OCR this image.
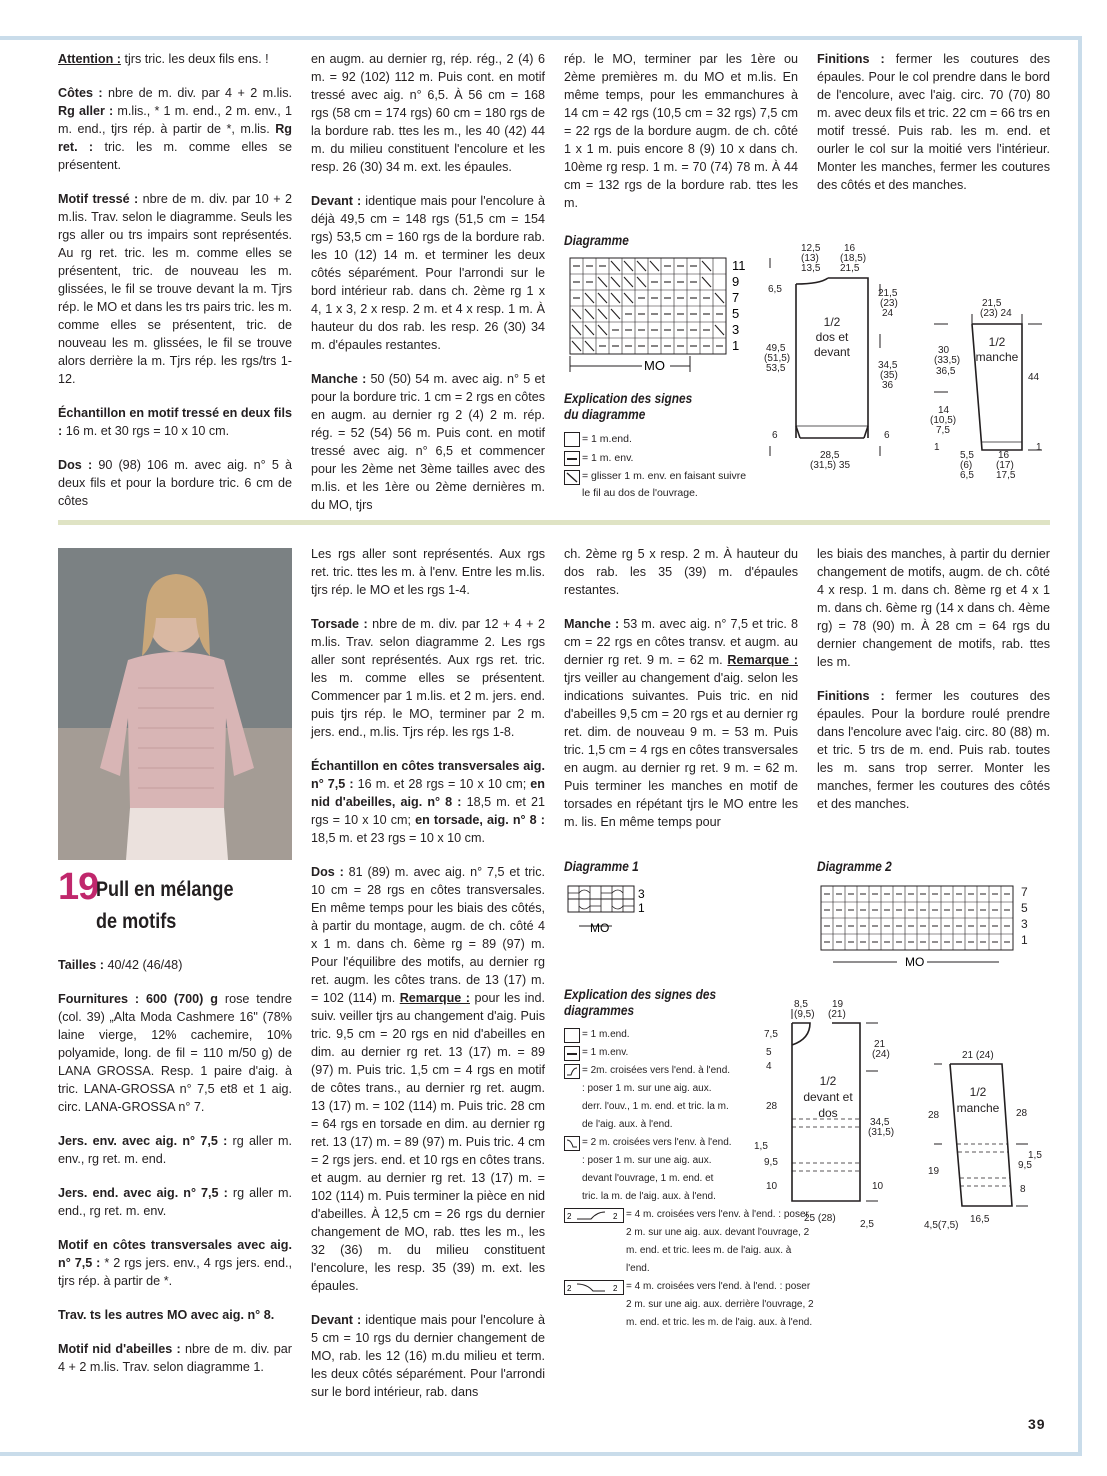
Attention : tjrs tric. les deux fils ens. !

Côtes : nbre de m. div. par 4 + 2 m.lis. Rg aller : m.lis., * 1 m. end., 2 m. env., 1 m. end., tjrs rép. à partir de *, m.lis. Rg ret. : tric. les m. comme elles se présentent.

Motif tressé : nbre de m. div. par 10 + 2 m.lis. Trav. selon le diagramme. Seuls les rgs aller ou trs impairs sont représentés. Au rg ret. tric. les m. comme elles se présentent, tric. de nouveau les m. glissées, le fil se trouve devant la m. Tjrs rép. le MO et dans les trs pairs tric. les m. comme elles se présentent, tric. de nouveau les m. glissées, le fil se trouve alors derrière la m. Tjrs rép. les rgs/trs 1-12.

Échantillon en motif tressé en deux fils : 16 m. et 30 rgs = 10 x 10 cm.

Dos : 90 (98) 106 m. avec aig. n° 5 à deux fils et pour la bordure tric. 6 cm de côtes

en augm. au dernier rg, rép. rég., 2 (4) 6 m. = 92 (102) 112 m. Puis cont. en motif tressé avec aig. n° 6,5. À 56 cm = 168 rgs (58 cm = 174 rgs) 60 cm = 180 rgs de la bordure rab. ttes les m., les 40 (42) 44 m. du milieu constituent l'encolure et les resp. 26 (30) 34 m. ext. les épaules.

Devant : identique mais pour l'encolure à déjà 49,5 cm = 148 rgs (51,5 cm = 154 rgs) 53,5 cm = 160 rgs de la bordure rab. les 10 (12) 14 m. et terminer les deux côtés séparément. Pour l'arrondi sur le bord intérieur rab. dans ch. 2ème rg 1 x 4, 1 x 3, 2 x resp. 2 m. et 4 x resp. 1 m. À hauteur du dos rab. les resp. 26 (30) 34 m. d'épaules restantes.

Manche : 50 (50) 54 m. avec aig. n° 5 et pour la bordure tric. 1 cm = 2 rgs en côtes en augm. au dernier rg 2 (4) 2 m. rép. rég. = 52 (54) 56 m. Puis cont. en motif tressé avec aig. n° 6,5 et commencer pour les 2ème net 3ème tailles avec des m.lis. et les 1ère ou 2ème dernières m. du MO, tjrs

rép. le MO, terminer par les 1ère ou 2ème premières m. du MO et m.lis. En même temps, pour les emmanchures à 14 cm = 42 rgs (10,5 cm = 32 rgs) 7,5 cm = 22 rgs de la bordure augm. de ch. côté 1 x 1 m. puis encore 8 (9) 10 x dans ch. 10ème rg resp. 1 m. = 70 (74) 78 m. À 44 cm = 132 rgs de la bordure rab. ttes les m.

Finitions : fermer les coutures des épaules. Pour le col prendre dans le bord de l'encolure, avec l'aig. circ. 70 (70) 80 m. avec deux fils et tric. 22 cm = 66 trs en motif tressé. Puis rab. les m. end. et ourler le col sur la moitié vers l'intérieur. Monter les manches, fermer les coutures des côtés et des manches.

Diagramme
11
9
7
5
3
1
MO
Explication des signes
du diagramme
= 1 m.end.
= 1 m. env.
= glisser 1 m. env. en faisant suivre le fil au dos de l'ouvrage.
12,5
(13)
13,5
16
(18,5)
21,5
6,5
49,5
(51,5)
53,5
21,5
(23)
24
34,5
(35)
36
6	6
28,5
(31,5) 35
1/2
dos et
devant
21,5
(23) 24
30
(33,5)
36,5
44
14
(10,5)
7,5
1	1
5,5
(6)
6,5
16
(17)
17,5
1/2
manche
19
Pull en mélange
de motifs

Tailles : 40/42 (46/48)

Fournitures : 600 (700) g rose tendre (col. 39) „Alta Moda Cashmere 16" (78% laine vierge, 12% cachemire, 10% polyamide, long. de fil = 110 m/50 g) de LANA GROSSA. Resp. 1 paire d'aig. à tric. LANA-GROSSA n° 7,5 et8 et 1 aig. circ. LANA-GROSSA n° 7.

Jers. env. avec aig. n° 7,5 : rg aller m. env., rg ret. m. end.

Jers. end. avec aig. n° 7,5 : rg aller m. end., rg ret. m. env.

Motif en côtes transversales avec aig. n° 7,5 : * 2 rgs jers. env., 4 rgs jers. end., tjrs rép. à partir de *.

Trav. ts les autres MO avec aig. n° 8.

Motif nid d'abeilles : nbre de m. div. par 4 + 2 m.lis. Trav. selon diagramme 1.

Les rgs aller sont représentés. Aux rgs ret. tric. ttes les m. à l'env. Entre les m.lis. tjrs rép. le MO et les rgs 1-4.

Torsade : nbre de m. div. par 12 + 4 + 2 m.lis. Trav. selon diagramme 2. Les rgs aller sont représentés. Aux rgs ret. tric. les m. comme elles se présentent. Commencer par 1 m.lis. et 2 m. jers. end. puis tjrs rép. le MO, terminer par 2 m. jers. end., m.lis. Tjrs rép. les rgs 1-8.

Échantillon en côtes transversales aig. n° 7,5 : 16 m. et 28 rgs = 10 x 10 cm; en nid d'abeilles, aig. n° 8 : 18,5 m. et 21 rgs = 10 x 10 cm; en torsade, aig. n° 8 : 18,5 m. et 23 rgs = 10 x 10 cm.

Dos : 81 (89) m. avec aig. n° 7,5 et tric. 10 cm = 28 rgs en côtes transversales. En même temps pour les biais des côtés, à partir du montage, augm. de ch. côté 4 x 1 m. dans ch. 6ème rg = 89 (97) m. Pour l'équilibre des motifs, au dernier rg ret. augm. les côtes trans. de 13 (17) m. = 102 (114) m. Remarque : pour les ind. suiv. veiller tjrs au changement d'aig. Puis tric. 9,5 cm = 20 rgs en nid d'abeilles en dim. au dernier rg ret. 13 (17) m. = 89 (97) m. Puis tric. 1,5 cm = 4 rgs en motif de côtes trans., au dernier rg ret. augm. 13 (17) m. = 102 (114) m. Puis tric. 28 cm = 64 rgs en torsade en dim. au dernier rg ret. 13 (17) m. = 89 (97) m. Puis tric. 4 cm = 2 rgs jers. end. et 10 rgs en côtes trans. et augm. au dernier rg ret. 13 (17) m. = 102 (114) m. Puis terminer la pièce en nid d'abeilles. À 12,5 cm = 26 rgs du dernier changement de MO, rab. ttes les m., les 32 (36) m. du milieu constituent l'encolure, les resp. 35 (39) m. ext. les épaules.

Devant : identique mais pour l'encolure à 5 cm = 10 rgs du dernier changement de MO, rab. les 12 (16) m.du milieu et term. les deux côtés séparément. Pour l'arrondi sur le bord intérieur, rab. dans

ch. 2ème rg 5 x resp. 2 m. À hauteur du dos rab. les 35 (39) m. d'épaules restantes.

Manche : 53 m. avec aig. n° 7,5 et tric. 8 cm = 22 rgs en côtes transv. et augm. au dernier rg ret. 9 m. = 62 m. Remarque : tjrs veiller au changement d'aig. selon les indications suivantes. Puis tric. en nid d'abeilles 9,5 cm = 20 rgs et au dernier rg ret. dim. de nouveau 9 m. = 53 m. Puis tric. 1,5 cm = 4 rgs en côtes transversales en augm. au dernier rg ret. 9 m. = 62 m. Puis terminer les manches en motif de torsades en répétant tjrs le MO entre les m. lis. En même temps pour

les biais des manches, à partir du dernier changement de motifs, augm. de ch. côté 4 x resp. 1 m. dans ch. 8ème rg et 4 x 1 m. dans ch. 6ème rg (14 x dans ch. 4ème rg) = 78 (90) m. À 28 cm = 64 rgs du dernier changement de motifs, rab. ttes les m.

Finitions : fermer les coutures des épaules. Pour la bordure roulé prendre dans l'encolure avec l'aig. circ. 80 (88) m. et tric. 5 trs de m. end. Puis rab. toutes les m. sans trop serrer. Monter les manches, fermer les coutures des côtés et des manches.

Diagramme 1
3
1
MO
Diagramme 2
MO
7
5
3
1
Explication des signes des
diagrammes
= 1 m.end.
= 1 m.env.
= 2m. croisées vers l'end. à l'end. : poser 1 m. sur une aig. aux. derr. l'ouv., 1 m. end. et tric. la m. de l'aig. aux. à l'end.
= 2 m. croisées vers l'env. à l'end. : poser 1 m. sur une aig. aux. devant l'ouvrage, 1 m. end. et tric. la m. de l'aig. aux. à l'end.
2	2 = 4 m. croisées vers l'env. à l'end. : poser 2 m. sur une aig. aux. devant l'ouvrage, 2 m. end. et tric. lees m. de l'aig. aux. à l'end.
2	2 = 4 m. croisées vers l'end. à l'end. : poser 2 m. sur une aig. aux. derrière l'ouvrage, 2 m. end. et tric. les m. de l'aig. aux. à l'end.
8,5
(9,5)
19
(21)
7,5
5
4
28
1,5
9,5
10
21
(24)
34,5
(31,5)
10
25 (28)
2,5
1/2
devant et
dos
21 (24)
28
19
28
1,5
9,5
8
4,5(7,5)
16,5
1/2
manche
39
